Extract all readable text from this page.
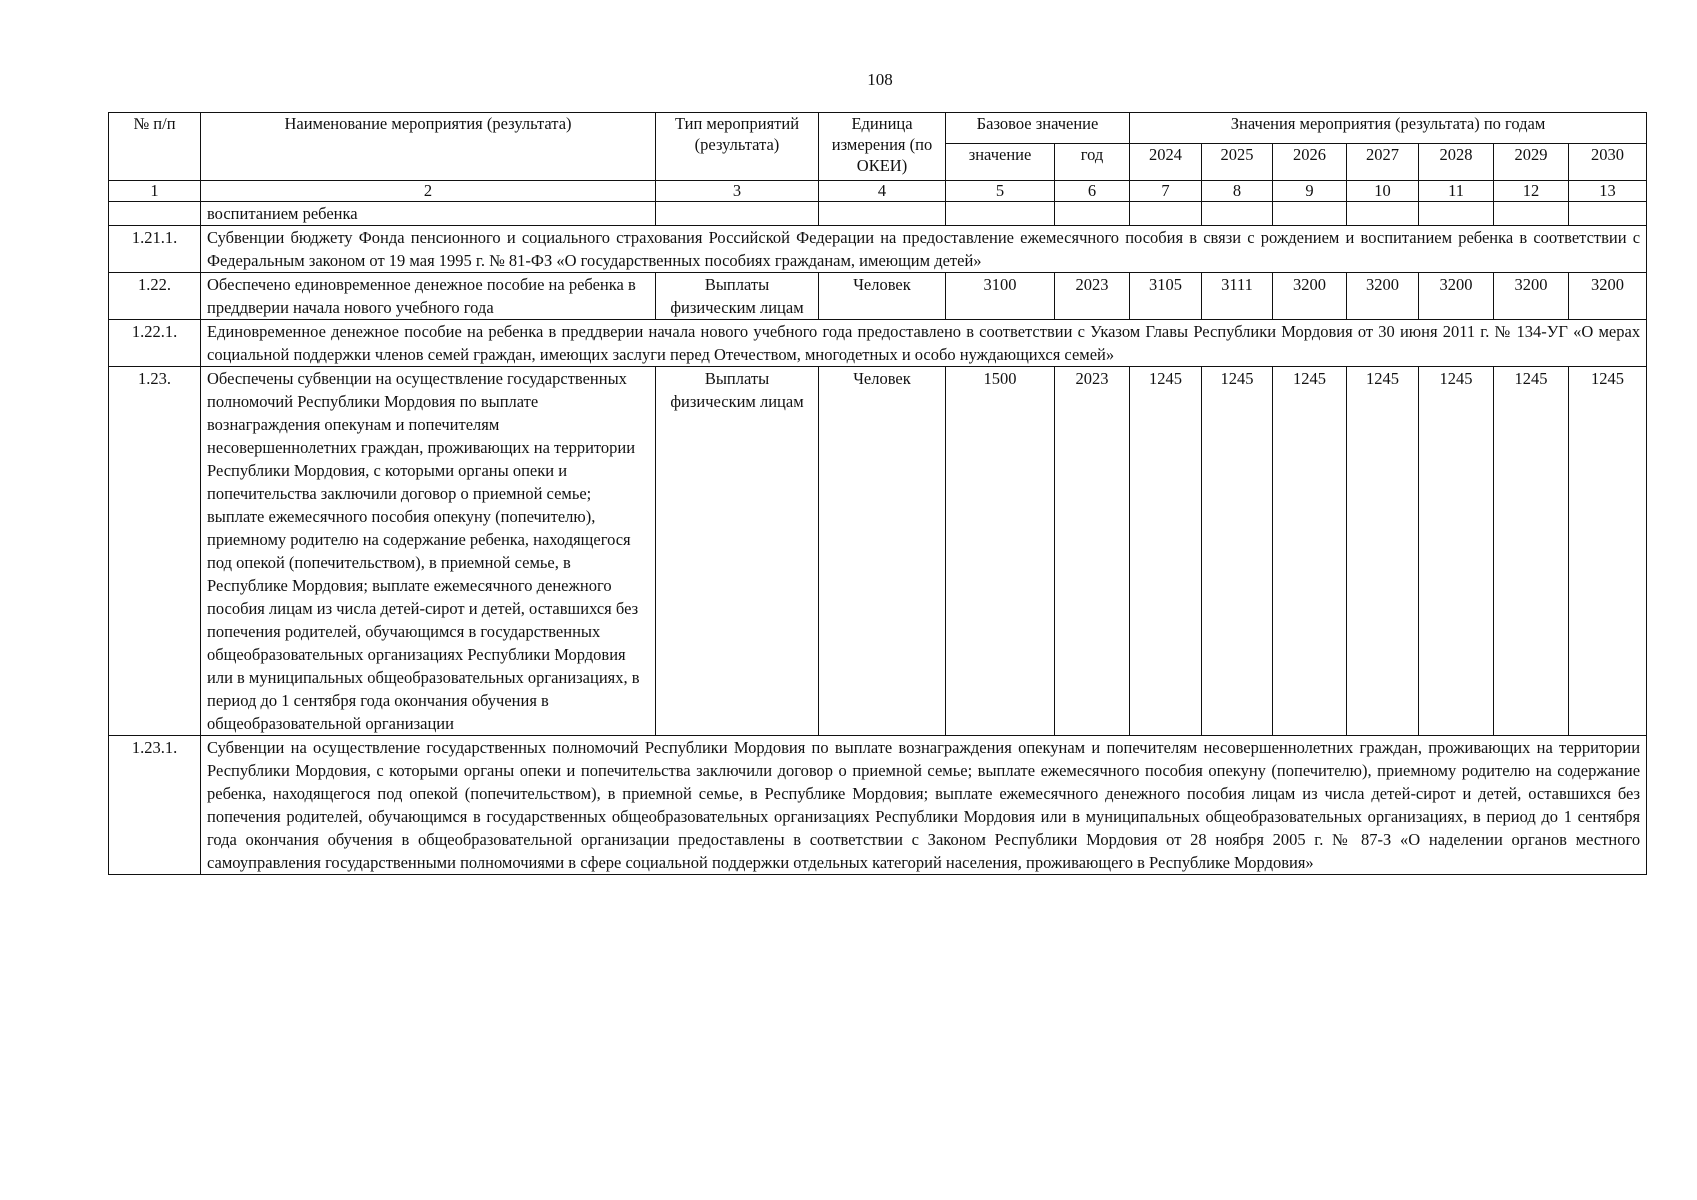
108
№ п/п	Наименование мероприятия (результата)	Тип мероприятий (результата)	Единица измерения (по ОКЕИ)	Базовое значение		Значения мероприятия (результата) по годам						
				значение	год	2024	2025	2026	2027	2028	2029	2030
1	2	3	4	5	6	7	8	9	10	11	12	13
	воспитанием ребенка											
1.21.1.	Субвенции бюджету Фонда пенсионного и социального страхования Российской Федерации на предоставление ежемесячного пособия в связи с рождением и воспитанием ребенка в соответствии с Федеральным законом от 19 мая 1995 г. № 81-ФЗ «О государственных пособиях гражданам, имеющим детей»											
1.22.	Обеспечено единовременное денежное пособие на ребенка в преддверии начала нового учебного года	Выплаты физическим лицам	Человек	3100	2023	3105	3111	3200	3200	3200	3200	3200
1.22.1.	Единовременное денежное пособие на ребенка в преддверии начала нового учебного года предоставлено в соответствии с Указом Главы Республики Мордовия от 30 июня 2011 г. № 134-УГ «О мерах социальной поддержки членов семей граждан, имеющих заслуги перед Отечеством, многодетных и особо нуждающихся семей»											
1.23.	Обеспечены субвенции на осуществление государственных полномочий Республики Мордовия по выплате вознаграждения опекунам и попечителям несовершеннолетних граждан, проживающих на территории Республики Мордовия, с которыми органы опеки и попечительства заключили договор о приемной семье; выплате ежемесячного пособия опекуну (попечителю), приемному родителю на содержание ребенка, находящегося под опекой (попечительством), в приемной семье, в Республике Мордовия; выплате ежемесячного денежного пособия лицам из числа детей-сирот и детей, оставшихся без попечения родителей, обучающимся в государственных общеобразовательных организациях Республики Мордовия или в муниципальных общеобразовательных организациях, в период до 1 сентября года окончания обучения в общеобразовательной организации	Выплаты физическим лицам	Человек	1500	2023	1245	1245	1245	1245	1245	1245	1245
1.23.1.	Субвенции на осуществление государственных полномочий Республики Мордовия по выплате вознаграждения опекунам и попечителям несовершеннолетних граждан, проживающих на территории Республики Мордовия, с которыми органы опеки и попечительства заключили договор о приемной семье; выплате ежемесячного пособия опекуну (попечителю), приемному родителю на содержание ребенка, находящегося под опекой (попечительством), в приемной семье, в Республике Мордовия; выплате ежемесячного денежного пособия лицам из числа детей-сирот и детей, оставшихся без попечения родителей, обучающимся в государственных общеобразовательных организациях Республики Мордовия или в муниципальных общеобразовательных организациях, в период до 1 сентября года окончания обучения в общеобразовательной организации предоставлены в соответствии с Законом Республики Мордовия от 28 ноября 2005 г. № 87-З «О наделении органов местного самоуправления государственными полномочиями в сфере социальной поддержки отдельных категорий населения, проживающего в Республике Мордовия»											
